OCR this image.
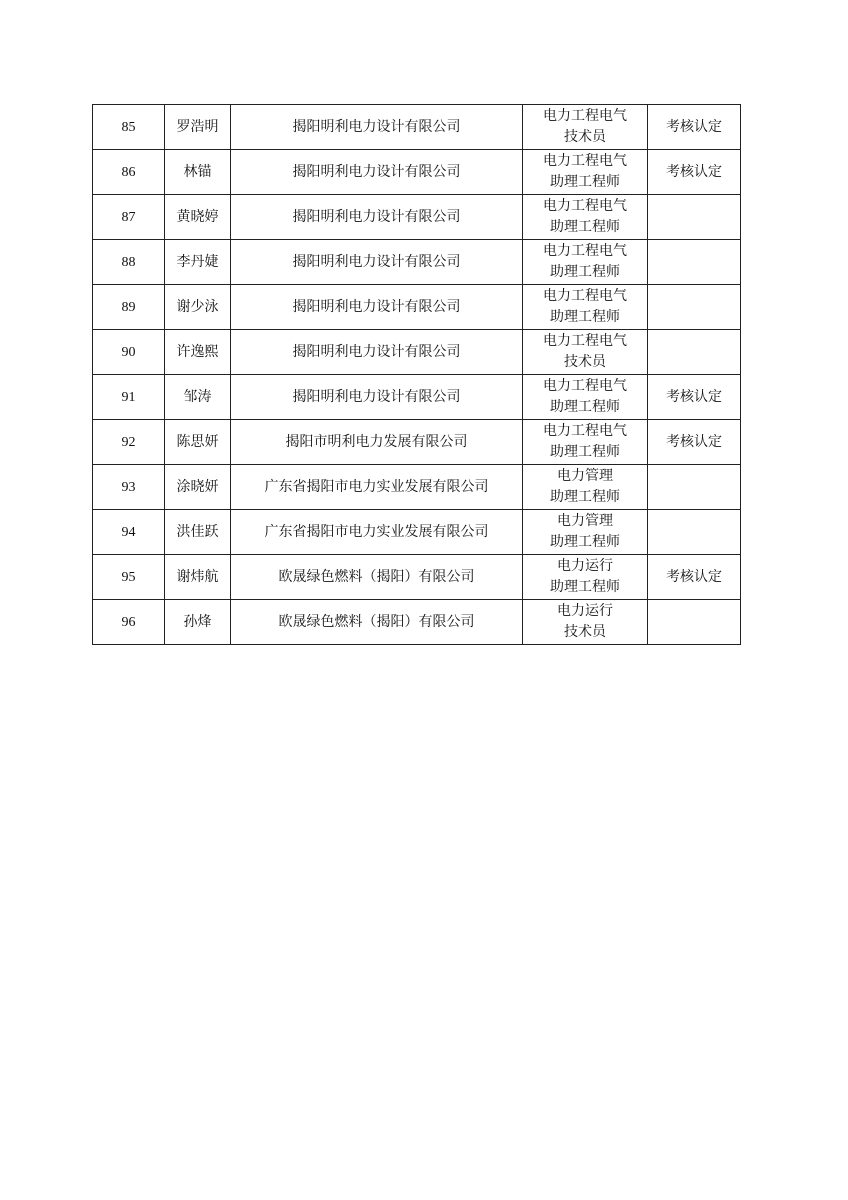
85	罗浩明	揭阳明利电力设计有限公司	电力工程电气
技术员	考核认定
86	林锚	揭阳明利电力设计有限公司	电力工程电气
助理工程师	考核认定
87	黄晓婷	揭阳明利电力设计有限公司	电力工程电气
助理工程师	

88	李丹婕	揭阳明利电力设计有限公司	电力工程电气
助理工程师	

89	谢少泳	揭阳明利电力设计有限公司	电力工程电气
助理工程师	

90	许逸熙	揭阳明利电力设计有限公司	电力工程电气
技术员	

91	邹涛	揭阳明利电力设计有限公司	电力工程电气
助理工程师	考核认定
92	陈思妍	揭阳市明利电力发展有限公司	电力工程电气
助理工程师	考核认定
93	涂晓妍	广东省揭阳市电力实业发展有限公司	电力管理
助理工程师	

94	洪佳跃	广东省揭阳市电力实业发展有限公司	电力管理
助理工程师	

95	谢炜航	欧晟绿色燃料（揭阳）有限公司	电力运行
助理工程师	考核认定
96	孙烽	欧晟绿色燃料（揭阳）有限公司	电力运行
技术员	
